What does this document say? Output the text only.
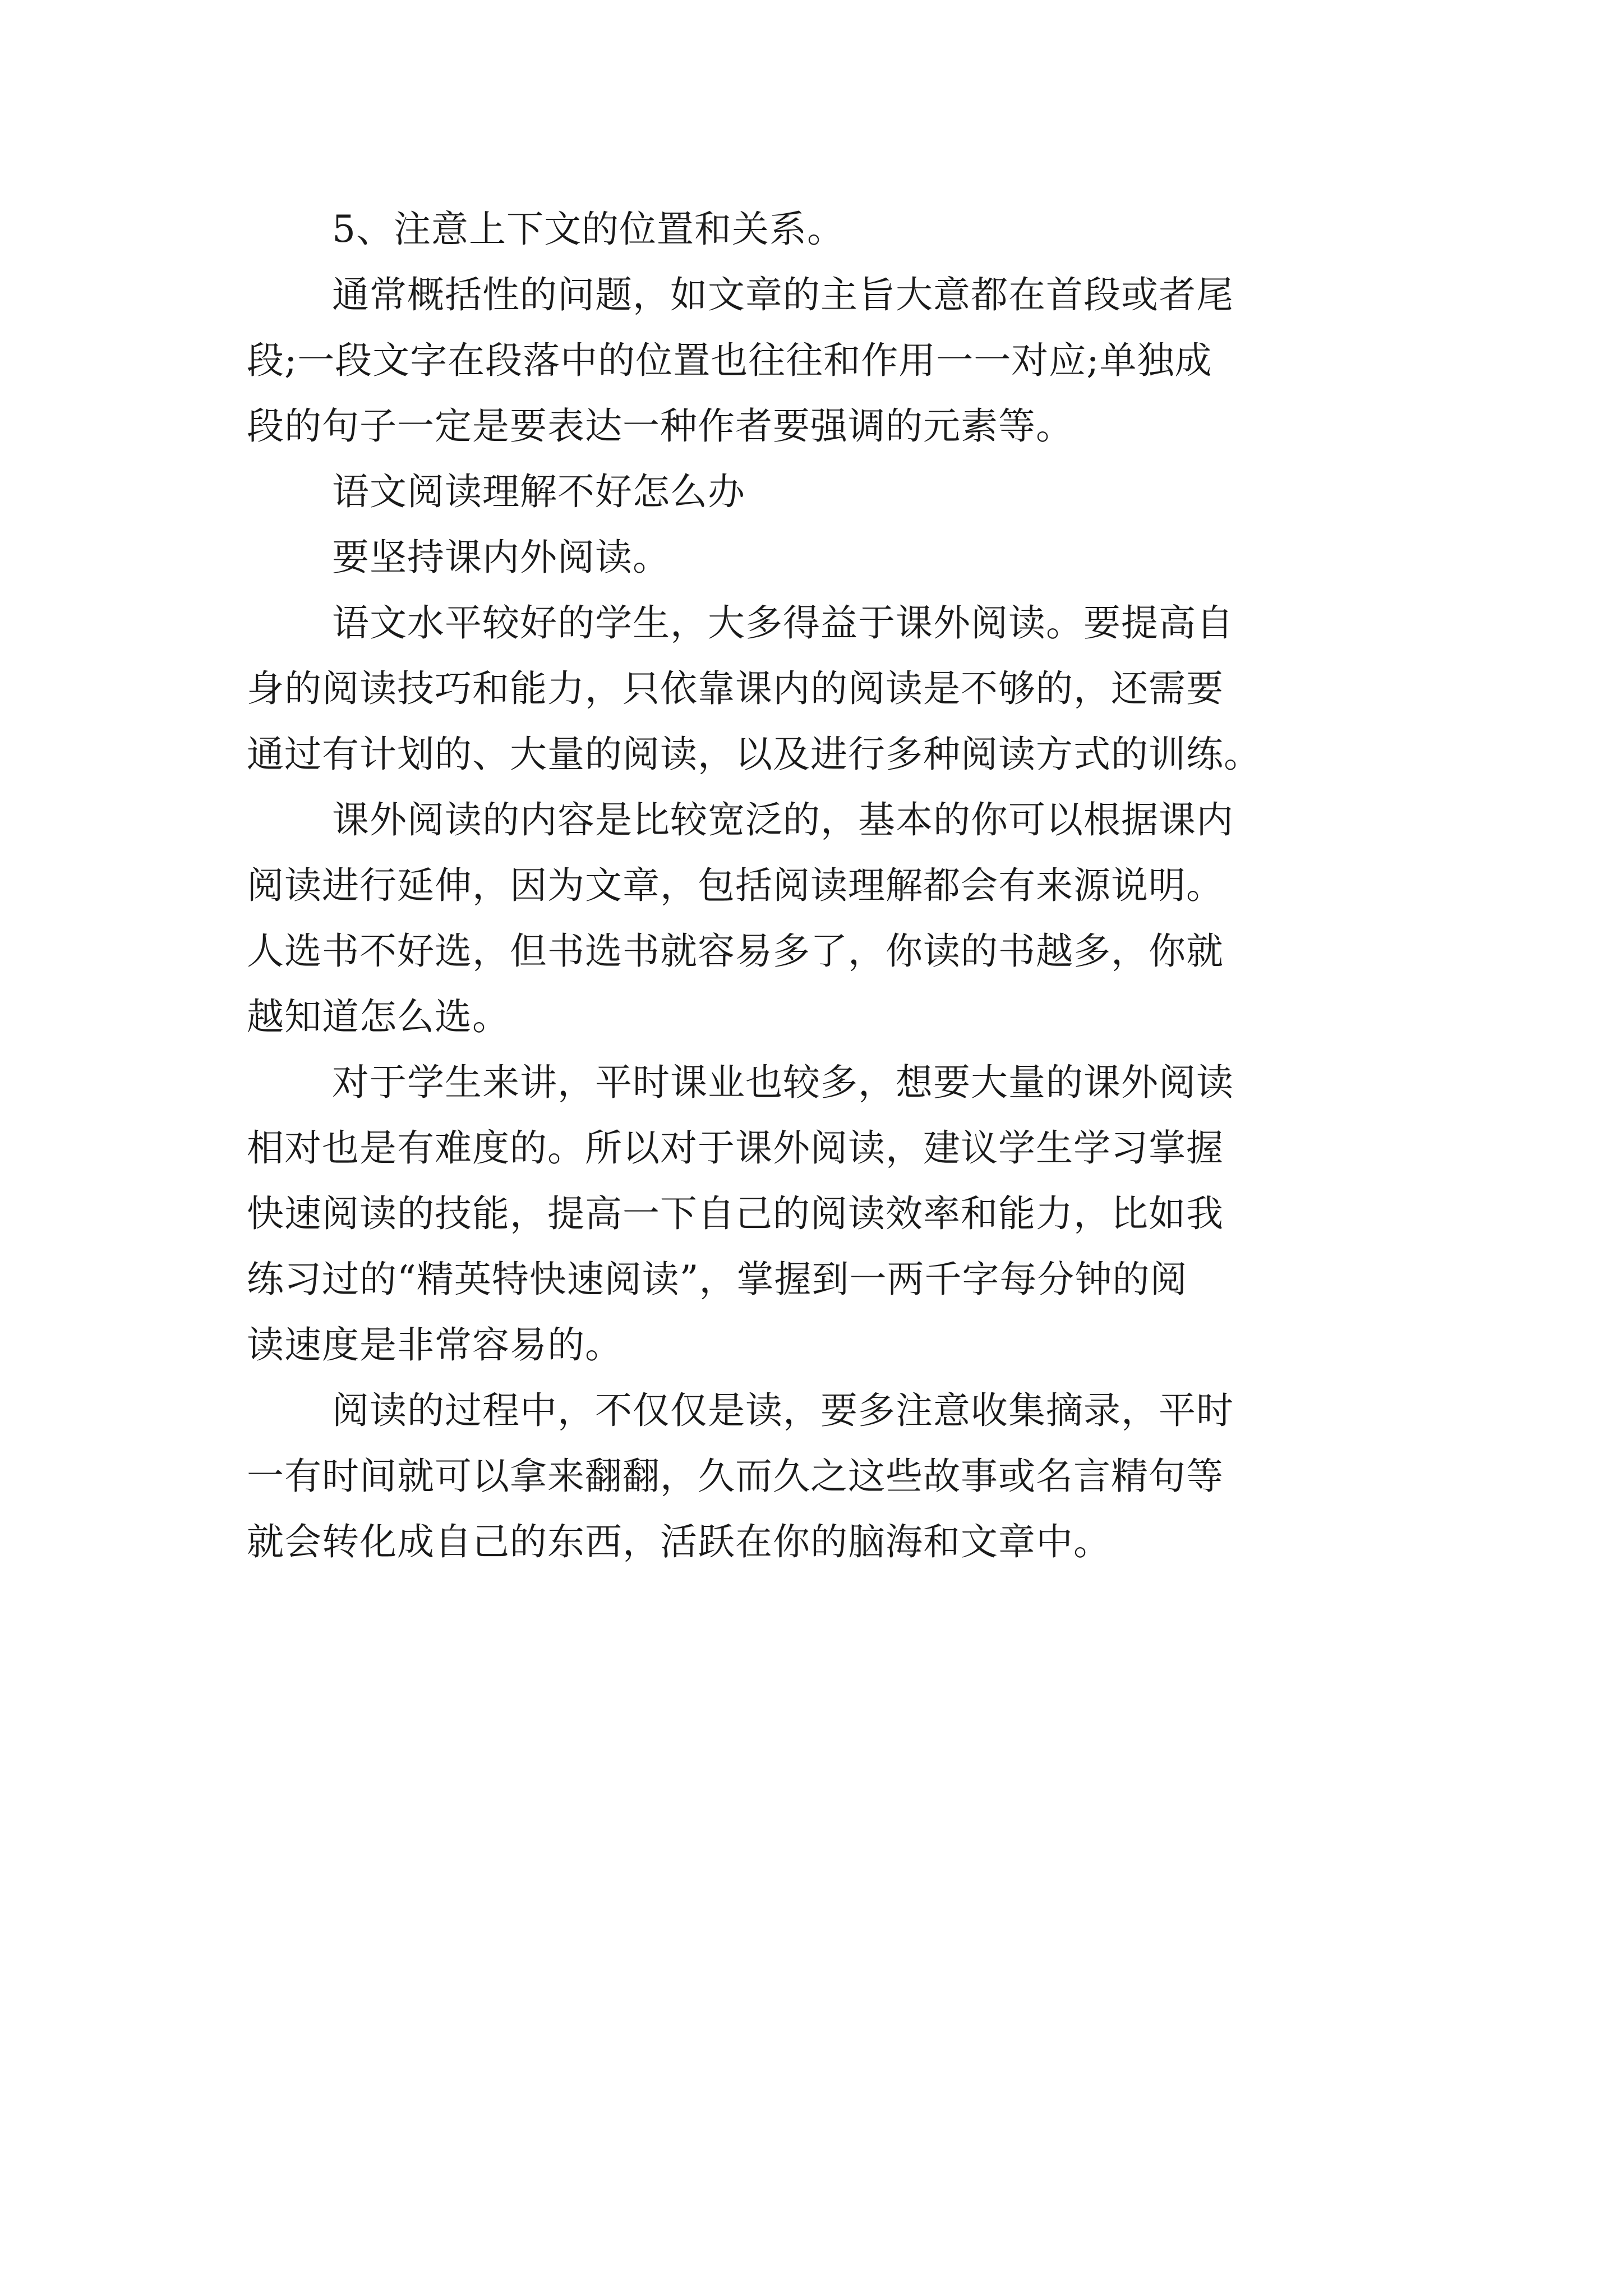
5、注意上下文的位置和关系。
通常概括性的问题，如文章的主旨大意都在首段或者尾
段;一段文字在段落中的位置也往往和作用一一对应;单独成
段的句子一定是要表达一种作者要强调的元素等。
语文阅读理解不好怎么办
要坚持课内外阅读。
语文水平较好的学生，大多得益于课外阅读。要提高自
身的阅读技巧和能力，只依靠课内的阅读是不够的，还需要
通过有计划的、大量的阅读，以及进行多种阅读方式的训练。
课外阅读的内容是比较宽泛的，基本的你可以根据课内
阅读进行延伸，因为文章，包括阅读理解都会有来源说明。
人选书不好选，但书选书就容易多了，你读的书越多，你就
越知道怎么选。
对于学生来讲，平时课业也较多，想要大量的课外阅读
相对也是有难度的。所以对于课外阅读，建议学生学习掌握
快速阅读的技能，提高一下自己的阅读效率和能力，比如我
练习过的“精英特快速阅读”，掌握到一两千字每分钟的阅
读速度是非常容易的。
阅读的过程中，不仅仅是读，要多注意收集摘录，平时
一有时间就可以拿来翻翻，久而久之这些故事或名言精句等
就会转化成自己的东西，活跃在你的脑海和文章中。
